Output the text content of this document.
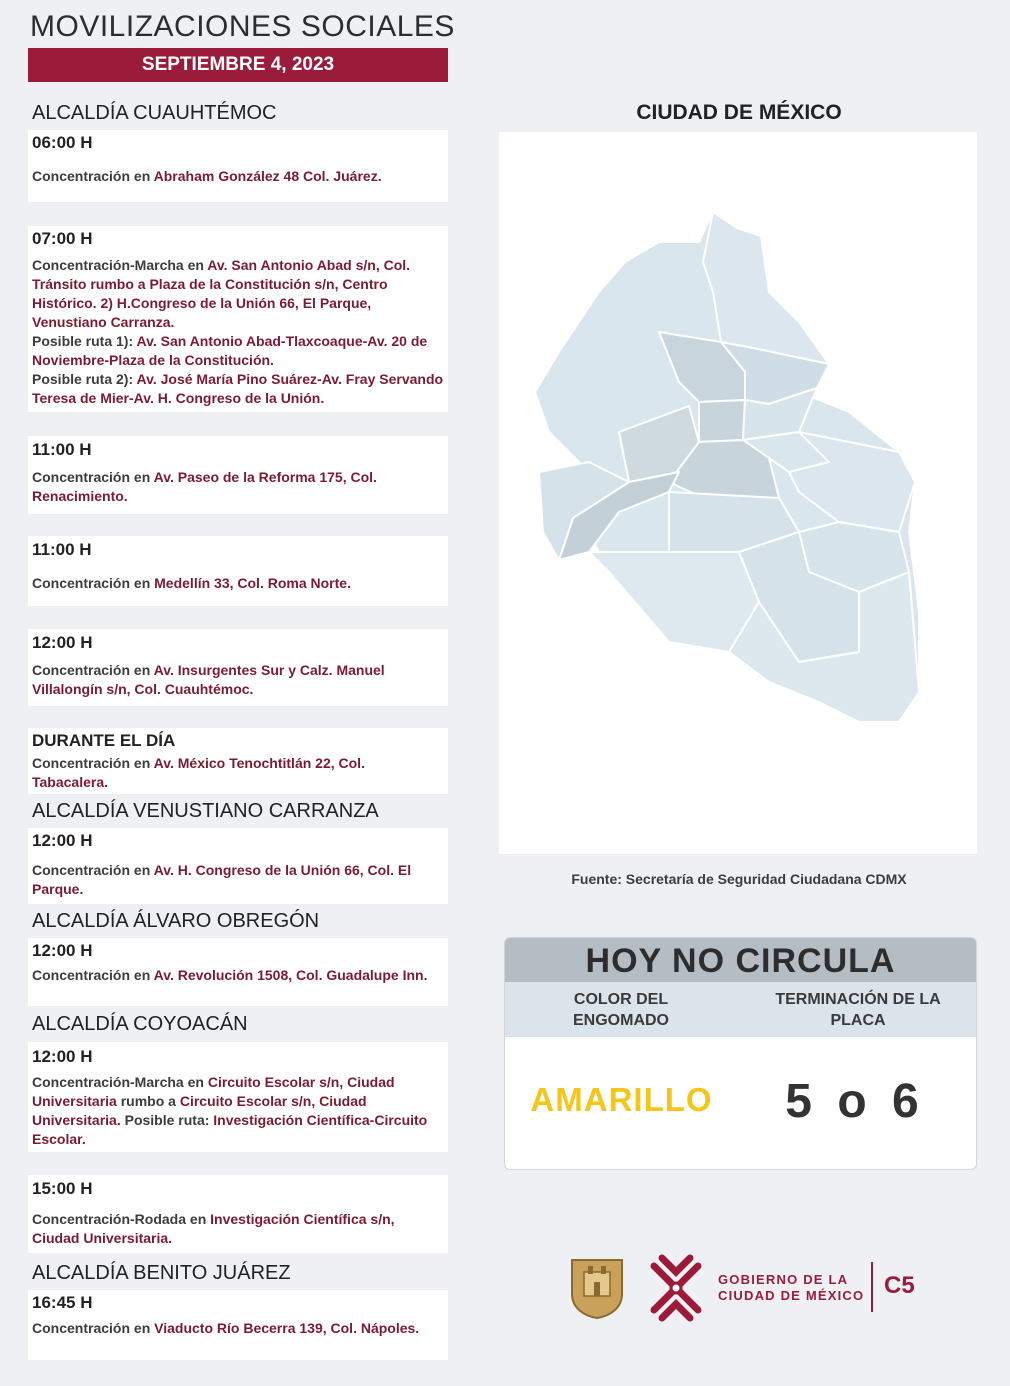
MOVILIZACIONES SOCIALES
SEPTIEMBRE 4, 2023
ALCALDÍA CUAUHTÉMOC
06:00 H
Concentración en Abraham González 48 Col. Juárez.
07:00 H
Concentración-Marcha en Av. San Antonio Abad s/n, Col. Tránsito rumbo a Plaza de la Constitución s/n, Centro Histórico. 2) H.Congreso de la Unión 66, El Parque, Venustiano Carranza.
Posible ruta 1): Av. San Antonio Abad-Tlaxcoaque-Av. 20 de Noviembre-Plaza de la Constitución.
Posible ruta 2): Av. José María Pino Suárez-Av. Fray Servando Teresa de Mier-Av. H. Congreso de la Unión.
11:00 H
Concentración en Av. Paseo de la Reforma 175, Col. Renacimiento.
11:00 H
Concentración en Medellín 33, Col. Roma Norte.
12:00 H
Concentración en Av. Insurgentes Sur y Calz. Manuel Villalongín s/n, Col. Cuauhtémoc.
DURANTE EL DÍA
Concentración en Av. México Tenochtitlán 22, Col. Tabacalera.
ALCALDÍA VENUSTIANO CARRANZA
12:00 H
Concentración en Av. H. Congreso de la Unión 66, Col. El Parque.
ALCALDÍA ÁLVARO OBREGÓN
12:00 H
Concentración en Av. Revolución 1508, Col. Guadalupe Inn.
ALCALDÍA COYOACÁN
12:00 H
Concentración-Marcha en Circuito Escolar s/n, Ciudad Universitaria rumbo a Circuito Escolar s/n, Ciudad Universitaria. Posible ruta: Investigación Científica-Circuito Escolar.
15:00 H
Concentración-Rodada en Investigación Científica s/n, Ciudad Universitaria.
ALCALDÍA BENITO JUÁREZ
16:45 H
Concentración en Viaducto Río Becerra 139, Col. Nápoles.
CIUDAD DE MÉXICO
Fuente: Secretaría de Seguridad Ciudadana CDMX
HOY NO CIRCULA
COLOR DEL ENGOMADO
TERMINACIÓN DE LA PLACA
AMARILLO 5 o 6
GOBIERNO DE LA
CIUDAD DE MÉXICO C5
